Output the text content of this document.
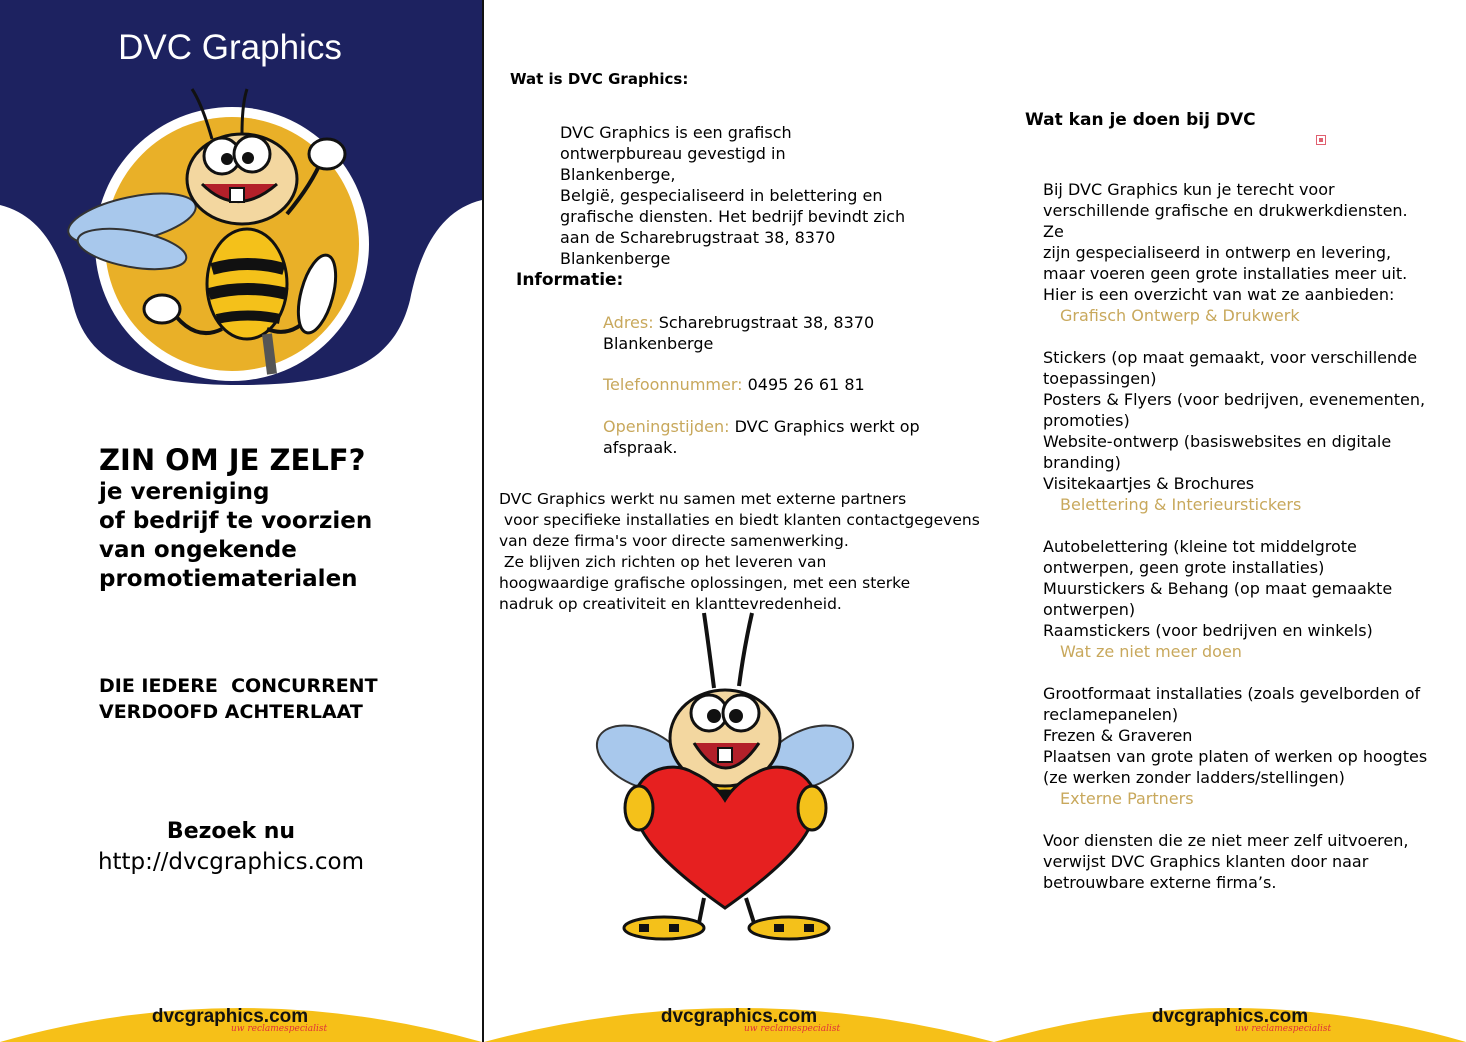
DVC Graphics
ZIN OM JE ZELF?

je vereniging

of bedrijf te voorzien

van ongekende

promotiematerialen

DIE IEDERE  CONCURRENT
VERDOOFD ACHTERLAAT
Bezoek nu
http://dvcgraphics.com
dvcgraphics.com
uw reclamespecialist
Wat is DVC Graphics:
DVC Graphics is een grafisch
ontwerpbureau gevestigd in Blankenberge,
België, gespecialiseerd in belettering en
grafische diensten. Het bedrijf bevindt zich
aan de Scharebrugstraat 38, 8370
Blankenberge
Informatie:
Adres: Scharebrugstraat 38, 8370
Blankenberge
Telefoonnummer: 0495 26 61 81
Openingstijden: DVC Graphics werkt op
afspraak.
DVC Graphics werkt nu samen met externe partners
voor specifieke installaties en biedt klanten contactgegevens
van deze firma's voor directe samenwerking.
Ze blijven zich richten op het leveren van
hoogwaardige grafische oplossingen, met een sterke
nadruk op creativiteit en klanttevredenheid.
dvcgraphics.com
uw reclamespecialist
Wat kan je doen bij DVC
Bij DVC Graphics kun je terecht voor
verschillende grafische en drukwerkdiensten. Ze
zijn gespecialiseerd in ontwerp en levering,
maar voeren geen grote installaties meer uit.
Hier is een overzicht van wat ze aanbieden:
Grafisch Ontwerp & Drukwerk
Stickers (op maat gemaakt, voor verschillende
toepassingen)
Posters & Flyers (voor bedrijven, evenementen,
promoties)
Website-ontwerp (basiswebsites en digitale
branding)
Visitekaartjes & Brochures
Belettering & Interieurstickers
Autobelettering (kleine tot middelgrote
ontwerpen, geen grote installaties)
Muurstickers & Behang (op maat gemaakte
ontwerpen)
Raamstickers (voor bedrijven en winkels)
Wat ze niet meer doen
Grootformaat installaties (zoals gevelborden of
reclamepanelen)
Frezen & Graveren
Plaatsen van grote platen of werken op hoogtes
(ze werken zonder ladders/stellingen)
Externe Partners
Voor diensten die ze niet meer zelf uitvoeren,
verwijst DVC Graphics klanten door naar
betrouwbare externe firma’s.
dvcgraphics.com
uw reclamespecialist
